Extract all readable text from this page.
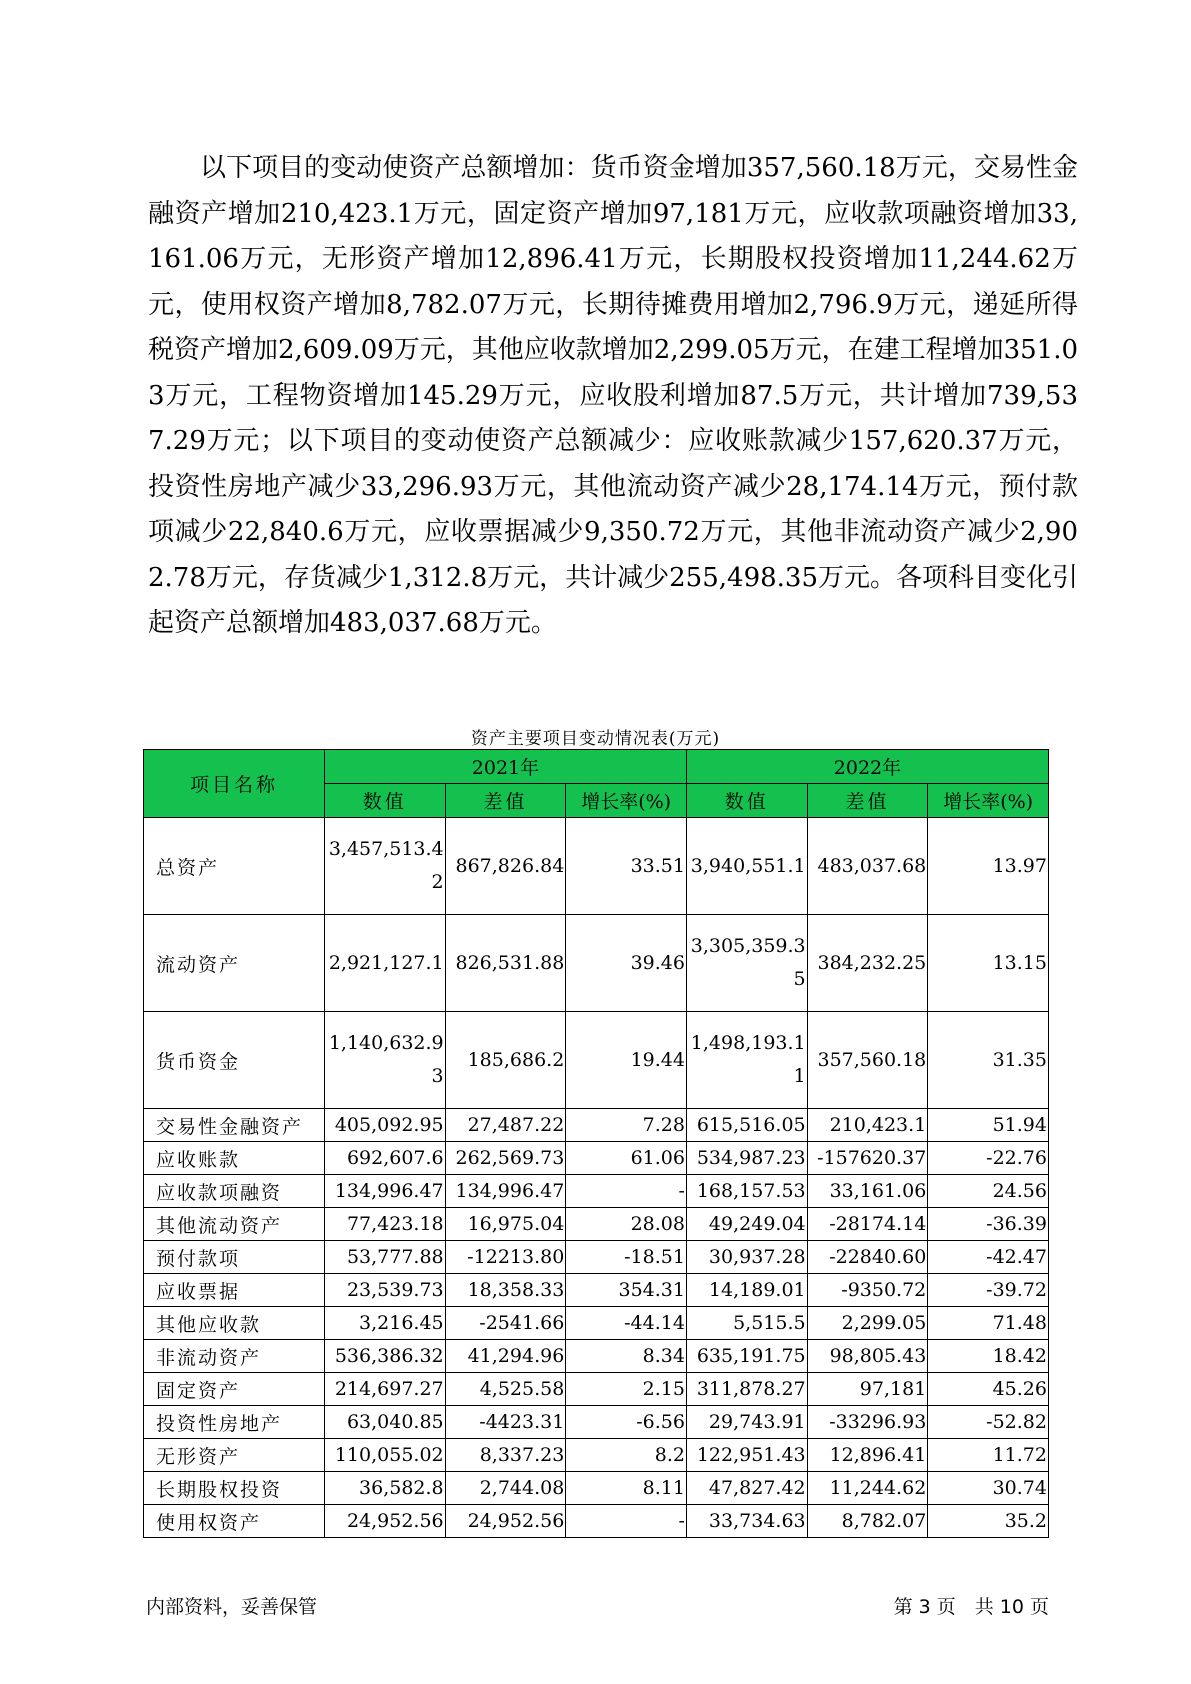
以下项目的变动使资产总额增加：货币资金增加357,560.18万元，交易性金融资产增加210,423.1万元，固定资产增加97,181万元，应收款项融资增加33,161.06万元，无形资产增加12,896.41万元，长期股权投资增加11,244.62万元，使用权资产增加8,782.07万元，长期待摊费用增加2,796.9万元，递延所得税资产增加2,609.09万元，其他应收款增加2,299.05万元，在建工程增加351.03万元，工程物资增加145.29万元，应收股利增加87.5万元，共计增加739,537.29万元；以下项目的变动使资产总额减少：应收账款减少157,620.37万元，投资性房地产减少33,296.93万元，其他流动资产减少28,174.14万元，预付款项减少22,840.6万元，应收票据减少9,350.72万元，其他非流动资产减少2,902.78万元，存货减少1,312.8万元，共计减少255,498.35万元。各项科目变化引起资产总额增加483,037.68万元。

资产主要项目变动情况表(万元)
项目名称	2021年			2022年		
	数值	差值	增长率(%)	数值	差值	增长率(%)
总资产	3,457,513.42	867,826.84	33.51	3,940,551.1	483,037.68	13.97
流动资产	2,921,127.1	826,531.88	39.46	3,305,359.35	384,232.25	13.15
货币资金	1,140,632.93	185,686.2	19.44	1,498,193.11	357,560.18	31.35
交易性金融资产	405,092.95	27,487.22	7.28	615,516.05	210,423.1	51.94
应收账款	692,607.6	262,569.73	61.06	534,987.23	-157620.37	-22.76
应收款项融资	134,996.47	134,996.47	-	168,157.53	33,161.06	24.56
其他流动资产	77,423.18	16,975.04	28.08	49,249.04	-28174.14	-36.39
预付款项	53,777.88	-12213.80	-18.51	30,937.28	-22840.60	-42.47
应收票据	23,539.73	18,358.33	354.31	14,189.01	-9350.72	-39.72
其他应收款	3,216.45	-2541.66	-44.14	5,515.5	2,299.05	71.48
非流动资产	536,386.32	41,294.96	8.34	635,191.75	98,805.43	18.42
固定资产	214,697.27	4,525.58	2.15	311,878.27	97,181	45.26
投资性房地产	63,040.85	-4423.31	-6.56	29,743.91	-33296.93	-52.82
无形资产	110,055.02	8,337.23	8.2	122,951.43	12,896.41	11.72
长期股权投资	36,582.8	2,744.08	8.11	47,827.42	11,244.62	30.74
使用权资产	24,952.56	24,952.56	-	33,734.63	8,782.07	35.2
内部资料，妥善保管	第 3 页　共 10 页
